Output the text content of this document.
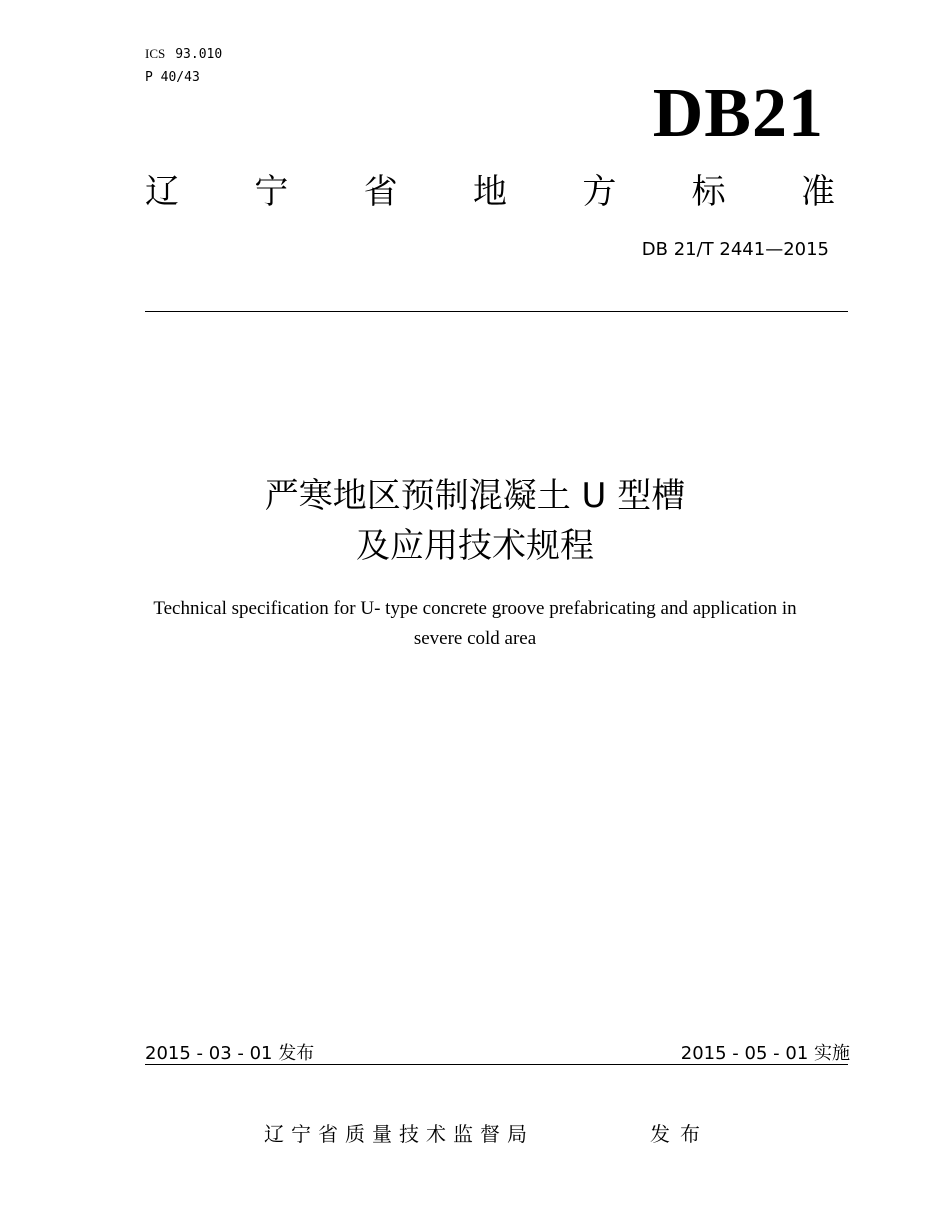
ICS 93.010
P 40/43	DB21
辽 宁 省 地 方 标 准
DB 21/T 2441—2015
严寒地区预制混凝土 U 型槽
及应用技术规程
Technical specification for U- type concrete groove prefabricating and application in
severe cold area
2015 - 03 - 01 发布	2015 - 05 - 01 实施
辽宁省质量技术监督局	发布
